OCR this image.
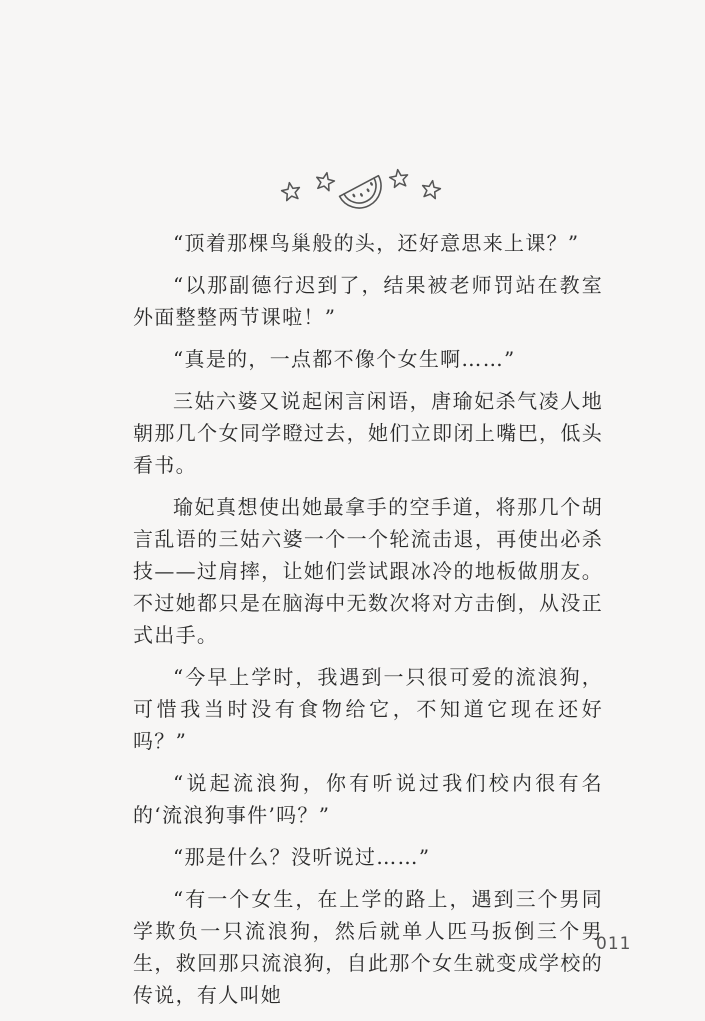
“顶着那棵鸟巢般的头，还好意思来上课？”

“以那副德行迟到了，结果被老师罚站在教室外面整整两节课啦！”

“真是的，一点都不像个女生啊……”

三姑六婆又说起闲言闲语，唐瑜妃杀气凌人地朝那几个女同学瞪过去，她们立即闭上嘴巴，低头看书。

瑜妃真想使出她最拿手的空手道，将那几个胡言乱语的三姑六婆一个一个轮流击退，再使出必杀技——过肩摔，让她们尝试跟冰冷的地板做朋友。不过她都只是在脑海中无数次将对方击倒，从没正式出手。

“今早上学时，我遇到一只很可爱的流浪狗，可惜我当时没有食物给它，不知道它现在还好吗？”

“说起流浪狗，你有听说过我们校内很有名的‘流浪狗事件’吗？”

“那是什么？没听说过……”

“有一个女生，在上学的路上，遇到三个男同学欺负一只流浪狗，然后就单人匹马扳倒三个男生，救回那只流浪狗，自此那个女生就变成学校的传说，有人叫她

011
